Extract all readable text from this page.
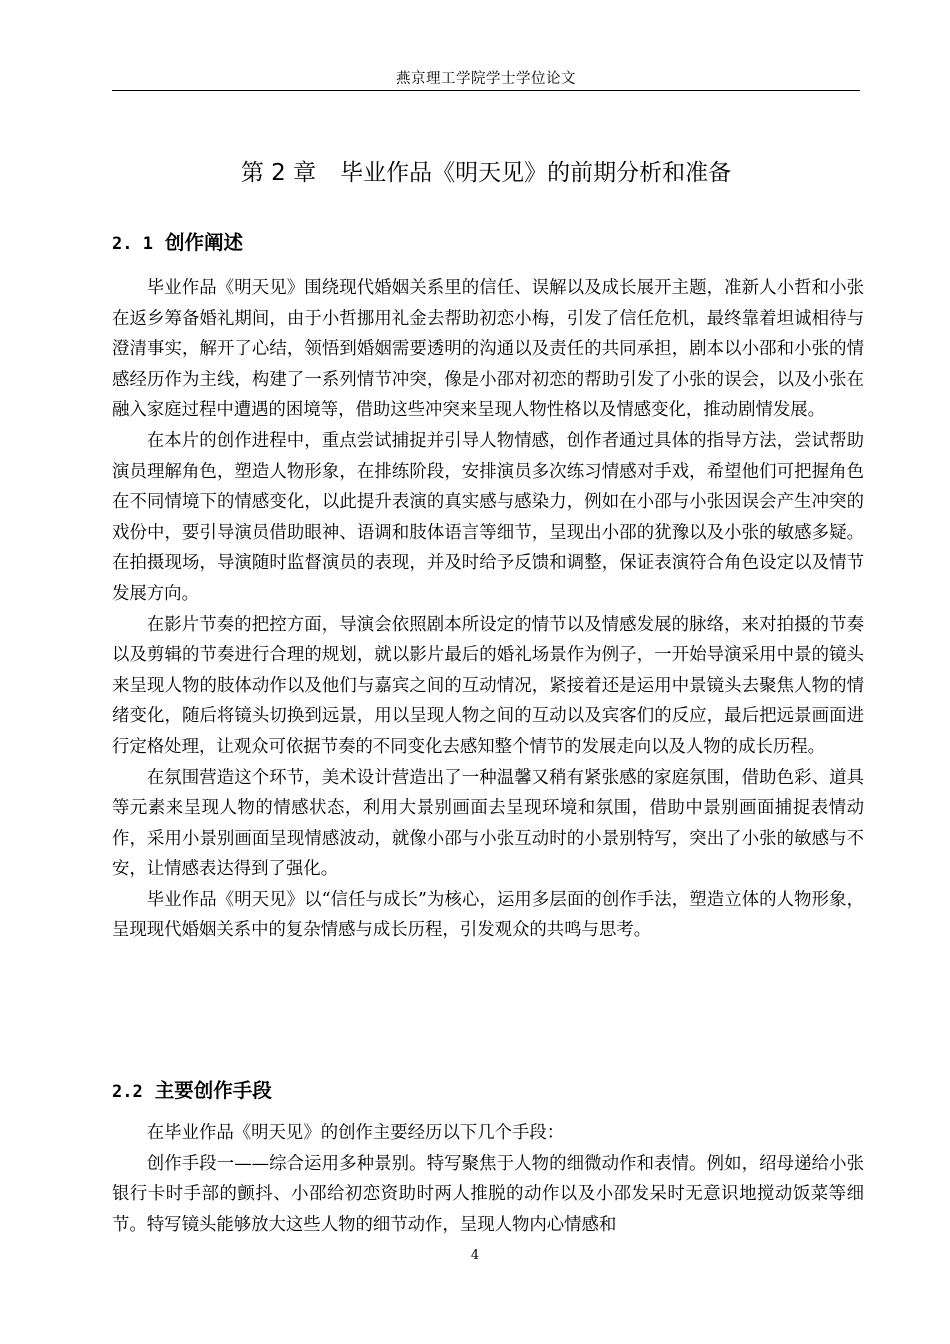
燕京理工学院学士学位论文
第 2 章 毕业作品《明天见》的前期分析和准备
2. 1 创作阐述

毕业作品《明天见》围绕现代婚姻关系里的信任、误解以及成长展开主题，准新人小哲和小张在返乡筹备婚礼期间，由于小哲挪用礼金去帮助初恋小梅，引发了信任危机，最终靠着坦诚相待与澄清事实，解开了心结，领悟到婚姻需要透明的沟通以及责任的共同承担，剧本以小邵和小张的情感经历作为主线，构建了一系列情节冲突，像是小邵对初恋的帮助引发了小张的误会，以及小张在融入家庭过程中遭遇的困境等，借助这些冲突来呈现人物性格以及情感变化，推动剧情发展。

在本片的创作进程中，重点尝试捕捉并引导人物情感，创作者通过具体的指导方法，尝试帮助演员理解角色，塑造人物形象，在排练阶段，安排演员多次练习情感对手戏，希望他们可把握角色在不同情境下的情感变化，以此提升表演的真实感与感染力，例如在小邵与小张因误会产生冲突的戏份中，要引导演员借助眼神、语调和肢体语言等细节，呈现出小邵的犹豫以及小张的敏感多疑。在拍摄现场，导演随时监督演员的表现，并及时给予反馈和调整，保证表演符合角色设定以及情节发展方向。

在影片节奏的把控方面，导演会依照剧本所设定的情节以及情感发展的脉络，来对拍摄的节奏以及剪辑的节奏进行合理的规划，就以影片最后的婚礼场景作为例子，一开始导演采用中景的镜头来呈现人物的肢体动作以及他们与嘉宾之间的互动情况，紧接着还是运用中景镜头去聚焦人物的情绪变化，随后将镜头切换到远景，用以呈现人物之间的互动以及宾客们的反应，最后把远景画面进行定格处理，让观众可依据节奏的不同变化去感知整个情节的发展走向以及人物的成长历程。

在氛围营造这个环节，美术设计营造出了一种温馨又稍有紧张感的家庭氛围，借助色彩、道具等元素来呈现人物的情感状态，利用大景别画面去呈现环境和氛围，借助中景别画面捕捉表情动作，采用小景别画面呈现情感波动，就像小邵与小张互动时的小景别特写，突出了小张的敏感与不安，让情感表达得到了强化。

毕业作品《明天见》以“信任与成长”为核心，运用多层面的创作手法，塑造立体的人物形象，呈现现代婚姻关系中的复杂情感与成长历程，引发观众的共鸣与思考。

2.2 主要创作手段

在毕业作品《明天见》的创作主要经历以下几个手段：

创作手段一——综合运用多种景别。特写聚焦于人物的细微动作和表情。例如，绍母递给小张银行卡时手部的颤抖、小邵给初恋资助时两人推脱的动作以及小邵发呆时无意识地搅动饭菜等细节。特写镜头能够放大这些人物的细节动作，呈现人物内心情感和

4
